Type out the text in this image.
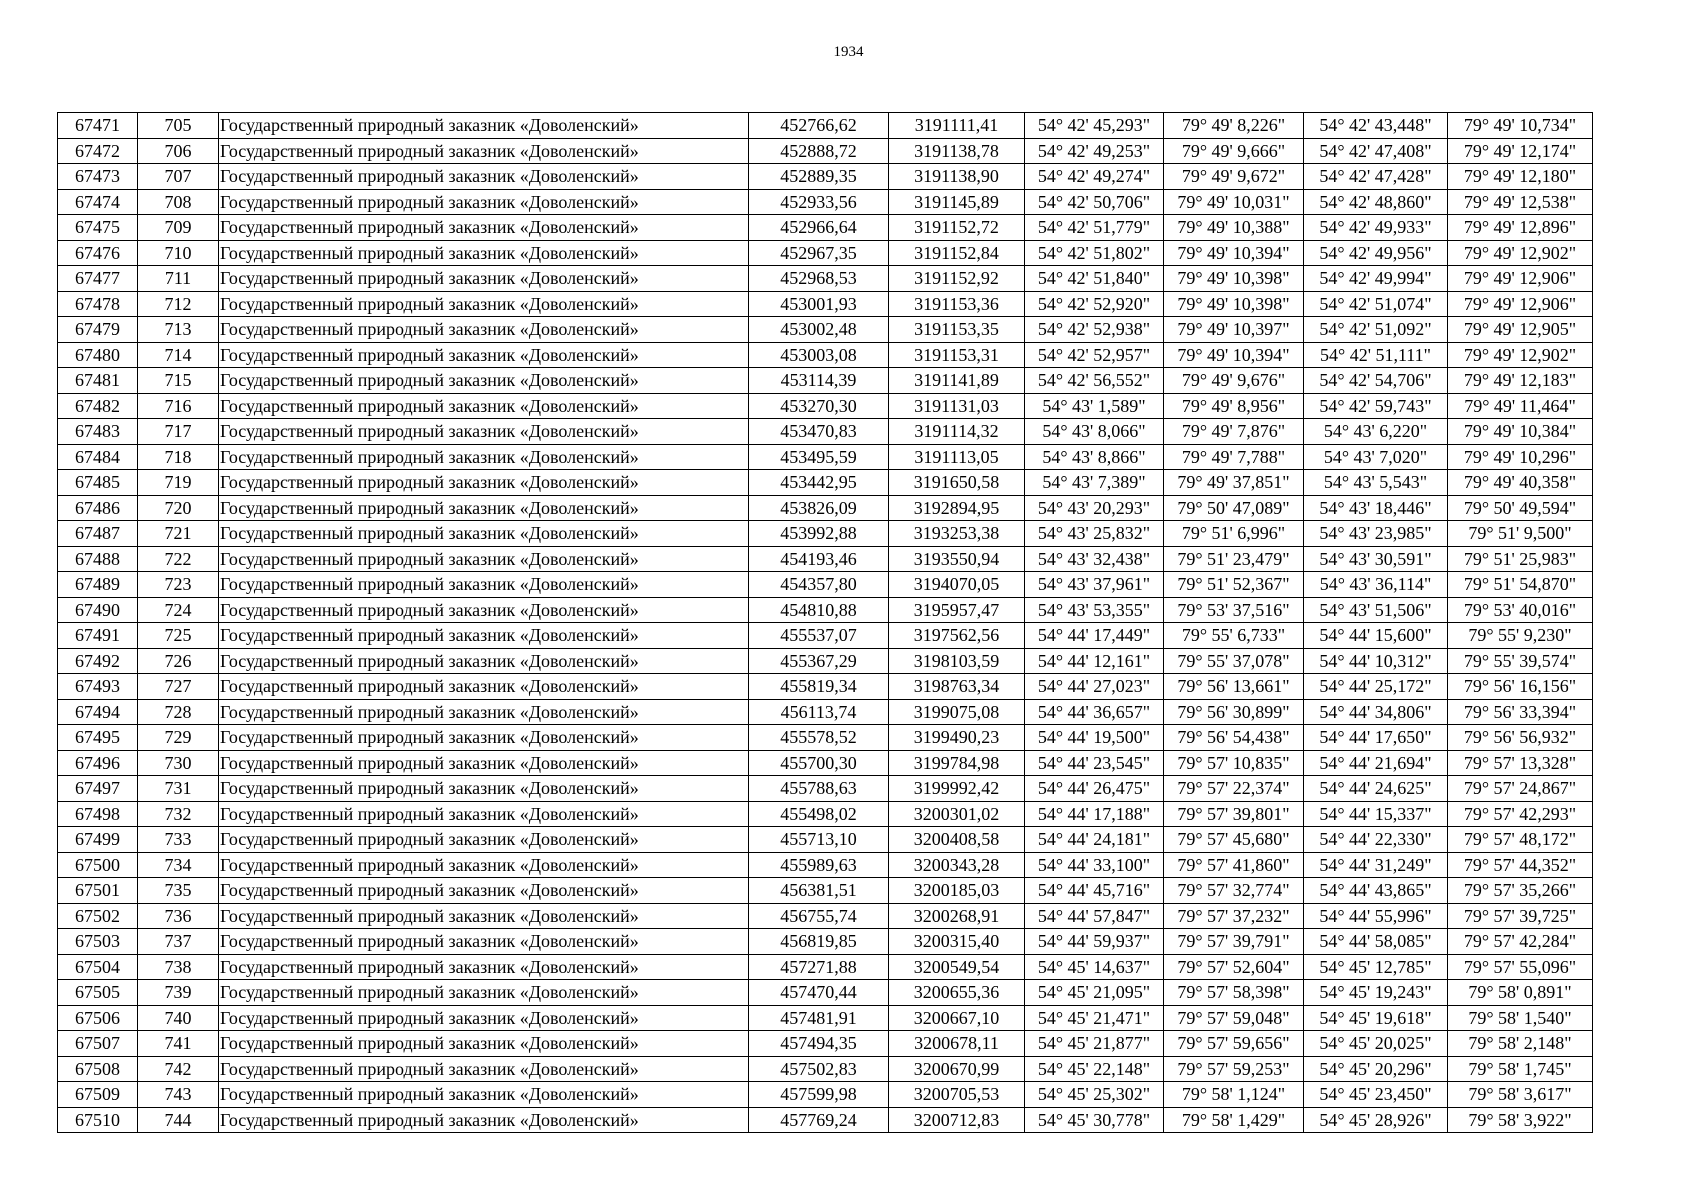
1934
67471	705	Государственный природный заказник «Доволенский»	452766,62	3191111,41	54° 42' 45,293"	79° 49' 8,226"	54° 42' 43,448"	79° 49' 10,734"
67472	706	Государственный природный заказник «Доволенский»	452888,72	3191138,78	54° 42' 49,253"	79° 49' 9,666"	54° 42' 47,408"	79° 49' 12,174"
67473	707	Государственный природный заказник «Доволенский»	452889,35	3191138,90	54° 42' 49,274"	79° 49' 9,672"	54° 42' 47,428"	79° 49' 12,180"
67474	708	Государственный природный заказник «Доволенский»	452933,56	3191145,89	54° 42' 50,706"	79° 49' 10,031"	54° 42' 48,860"	79° 49' 12,538"
67475	709	Государственный природный заказник «Доволенский»	452966,64	3191152,72	54° 42' 51,779"	79° 49' 10,388"	54° 42' 49,933"	79° 49' 12,896"
67476	710	Государственный природный заказник «Доволенский»	452967,35	3191152,84	54° 42' 51,802"	79° 49' 10,394"	54° 42' 49,956"	79° 49' 12,902"
67477	711	Государственный природный заказник «Доволенский»	452968,53	3191152,92	54° 42' 51,840"	79° 49' 10,398"	54° 42' 49,994"	79° 49' 12,906"
67478	712	Государственный природный заказник «Доволенский»	453001,93	3191153,36	54° 42' 52,920"	79° 49' 10,398"	54° 42' 51,074"	79° 49' 12,906"
67479	713	Государственный природный заказник «Доволенский»	453002,48	3191153,35	54° 42' 52,938"	79° 49' 10,397"	54° 42' 51,092"	79° 49' 12,905"
67480	714	Государственный природный заказник «Доволенский»	453003,08	3191153,31	54° 42' 52,957"	79° 49' 10,394"	54° 42' 51,111"	79° 49' 12,902"
67481	715	Государственный природный заказник «Доволенский»	453114,39	3191141,89	54° 42' 56,552"	79° 49' 9,676"	54° 42' 54,706"	79° 49' 12,183"
67482	716	Государственный природный заказник «Доволенский»	453270,30	3191131,03	54° 43' 1,589"	79° 49' 8,956"	54° 42' 59,743"	79° 49' 11,464"
67483	717	Государственный природный заказник «Доволенский»	453470,83	3191114,32	54° 43' 8,066"	79° 49' 7,876"	54° 43' 6,220"	79° 49' 10,384"
67484	718	Государственный природный заказник «Доволенский»	453495,59	3191113,05	54° 43' 8,866"	79° 49' 7,788"	54° 43' 7,020"	79° 49' 10,296"
67485	719	Государственный природный заказник «Доволенский»	453442,95	3191650,58	54° 43' 7,389"	79° 49' 37,851"	54° 43' 5,543"	79° 49' 40,358"
67486	720	Государственный природный заказник «Доволенский»	453826,09	3192894,95	54° 43' 20,293"	79° 50' 47,089"	54° 43' 18,446"	79° 50' 49,594"
67487	721	Государственный природный заказник «Доволенский»	453992,88	3193253,38	54° 43' 25,832"	79° 51' 6,996"	54° 43' 23,985"	79° 51' 9,500"
67488	722	Государственный природный заказник «Доволенский»	454193,46	3193550,94	54° 43' 32,438"	79° 51' 23,479"	54° 43' 30,591"	79° 51' 25,983"
67489	723	Государственный природный заказник «Доволенский»	454357,80	3194070,05	54° 43' 37,961"	79° 51' 52,367"	54° 43' 36,114"	79° 51' 54,870"
67490	724	Государственный природный заказник «Доволенский»	454810,88	3195957,47	54° 43' 53,355"	79° 53' 37,516"	54° 43' 51,506"	79° 53' 40,016"
67491	725	Государственный природный заказник «Доволенский»	455537,07	3197562,56	54° 44' 17,449"	79° 55' 6,733"	54° 44' 15,600"	79° 55' 9,230"
67492	726	Государственный природный заказник «Доволенский»	455367,29	3198103,59	54° 44' 12,161"	79° 55' 37,078"	54° 44' 10,312"	79° 55' 39,574"
67493	727	Государственный природный заказник «Доволенский»	455819,34	3198763,34	54° 44' 27,023"	79° 56' 13,661"	54° 44' 25,172"	79° 56' 16,156"
67494	728	Государственный природный заказник «Доволенский»	456113,74	3199075,08	54° 44' 36,657"	79° 56' 30,899"	54° 44' 34,806"	79° 56' 33,394"
67495	729	Государственный природный заказник «Доволенский»	455578,52	3199490,23	54° 44' 19,500"	79° 56' 54,438"	54° 44' 17,650"	79° 56' 56,932"
67496	730	Государственный природный заказник «Доволенский»	455700,30	3199784,98	54° 44' 23,545"	79° 57' 10,835"	54° 44' 21,694"	79° 57' 13,328"
67497	731	Государственный природный заказник «Доволенский»	455788,63	3199992,42	54° 44' 26,475"	79° 57' 22,374"	54° 44' 24,625"	79° 57' 24,867"
67498	732	Государственный природный заказник «Доволенский»	455498,02	3200301,02	54° 44' 17,188"	79° 57' 39,801"	54° 44' 15,337"	79° 57' 42,293"
67499	733	Государственный природный заказник «Доволенский»	455713,10	3200408,58	54° 44' 24,181"	79° 57' 45,680"	54° 44' 22,330"	79° 57' 48,172"
67500	734	Государственный природный заказник «Доволенский»	455989,63	3200343,28	54° 44' 33,100"	79° 57' 41,860"	54° 44' 31,249"	79° 57' 44,352"
67501	735	Государственный природный заказник «Доволенский»	456381,51	3200185,03	54° 44' 45,716"	79° 57' 32,774"	54° 44' 43,865"	79° 57' 35,266"
67502	736	Государственный природный заказник «Доволенский»	456755,74	3200268,91	54° 44' 57,847"	79° 57' 37,232"	54° 44' 55,996"	79° 57' 39,725"
67503	737	Государственный природный заказник «Доволенский»	456819,85	3200315,40	54° 44' 59,937"	79° 57' 39,791"	54° 44' 58,085"	79° 57' 42,284"
67504	738	Государственный природный заказник «Доволенский»	457271,88	3200549,54	54° 45' 14,637"	79° 57' 52,604"	54° 45' 12,785"	79° 57' 55,096"
67505	739	Государственный природный заказник «Доволенский»	457470,44	3200655,36	54° 45' 21,095"	79° 57' 58,398"	54° 45' 19,243"	79° 58' 0,891"
67506	740	Государственный природный заказник «Доволенский»	457481,91	3200667,10	54° 45' 21,471"	79° 57' 59,048"	54° 45' 19,618"	79° 58' 1,540"
67507	741	Государственный природный заказник «Доволенский»	457494,35	3200678,11	54° 45' 21,877"	79° 57' 59,656"	54° 45' 20,025"	79° 58' 2,148"
67508	742	Государственный природный заказник «Доволенский»	457502,83	3200670,99	54° 45' 22,148"	79° 57' 59,253"	54° 45' 20,296"	79° 58' 1,745"
67509	743	Государственный природный заказник «Доволенский»	457599,98	3200705,53	54° 45' 25,302"	79° 58' 1,124"	54° 45' 23,450"	79° 58' 3,617"
67510	744	Государственный природный заказник «Доволенский»	457769,24	3200712,83	54° 45' 30,778"	79° 58' 1,429"	54° 45' 28,926"	79° 58' 3,922"
